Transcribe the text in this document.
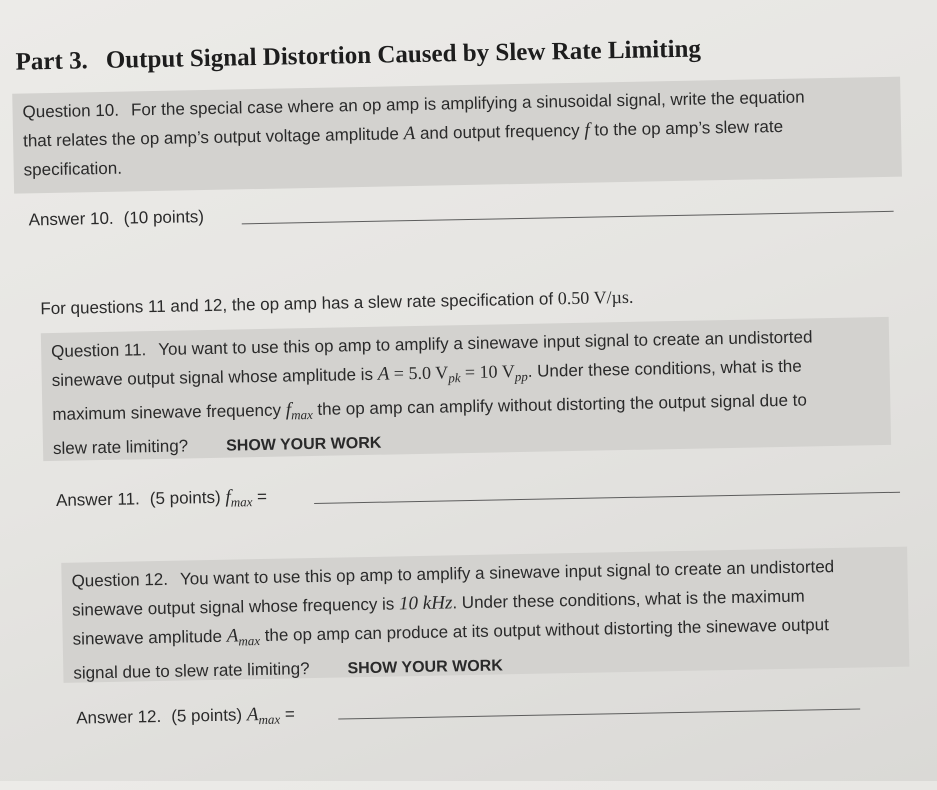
Part 3. Output Signal Distortion Caused by Slew Rate Limiting
Question 10. For the special case where an op amp is amplifying a sinusoidal signal, write the equation
that relates the op amp’s output voltage amplitude A and output frequency f to the op amp’s slew rate
specification.
Answer 10. (10 points)
For questions 11 and 12, the op amp has a slew rate specification of 0.50 V/µs.
Question 11. You want to use this op amp to amplify a sinewave input signal to create an undistorted
sinewave output signal whose amplitude is A = 5.0 $V_{pk} = 10$ $V_{pp}$. Under these conditions, what is the
maximum sinewave frequency $f_{max}$ the op amp can amplify without distorting the output signal due to
slew rate limiting? SHOW YOUR WORK
Answer 11. (5 points) $f_{max}$ =
Question 12. You want to use this op amp to amplify a sinewave input signal to create an undistorted
sinewave output signal whose frequency is 10 kHz. Under these conditions, what is the maximum
sinewave amplitude $A_{max}$ the op amp can produce at its output without distorting the sinewave output
signal due to slew rate limiting? SHOW YOUR WORK
Answer 12. (5 points) $A_{max}$ =
